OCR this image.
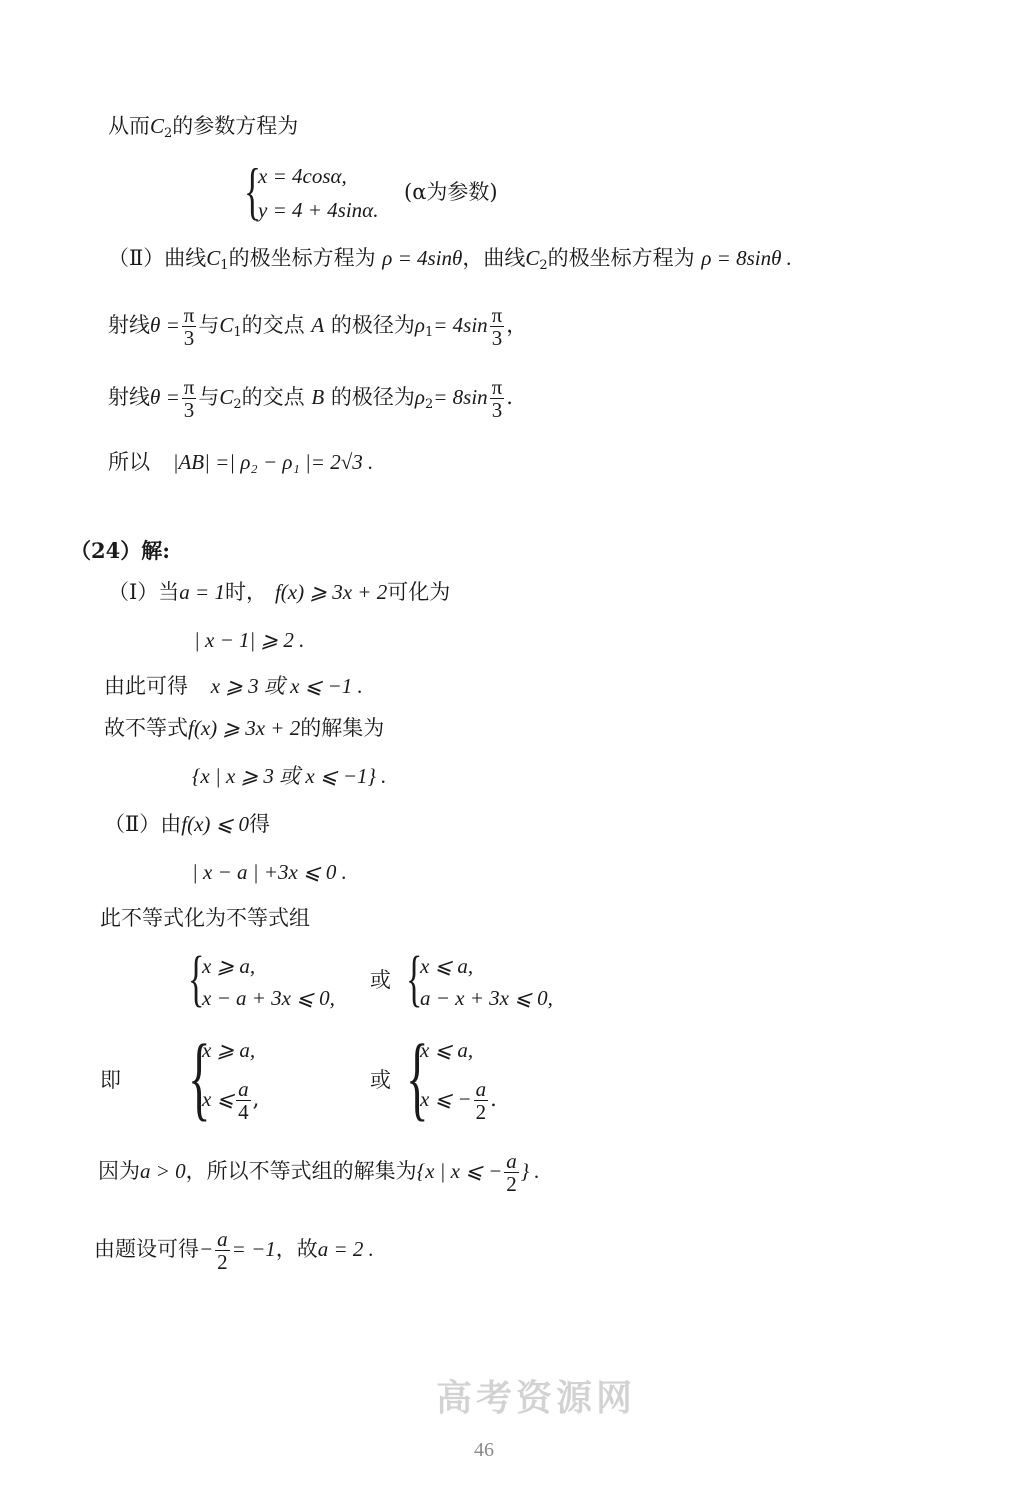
从而$C_2$的参数方程为
{
x = 4cosα,
y = 4 + 4sinα.
(α为参数)
（Ⅱ）曲线$C_1$的极坐标方程为 ρ = 4sinθ，曲线$C_2$的极坐标方程为 ρ = 8sinθ .
射线$\theta = \frac{\pi}{3}$ 与$C_1$的交点 A 的极径为$\rho_1= 4\sin \frac{\pi}{3}$ ，
射线$\theta = \frac{\pi}{3}$ 与$C_2$的交点 B 的极径为$\rho_2= 8\sin \frac{\pi}{3}$ .
所以 |AB| =| ρ₂ − ρ₁ |= 2√3 .
（24）解:
（Ⅰ）当a = 1时， f(x) ⩾ 3x + 2可化为
| x − 1| ⩾ 2 .
由此可得 x ⩾ 3 或 x ⩽ −1 .
故不等式f(x) ⩾ 3x + 2的解集为
{x | x ⩾ 3 或 x ⩽ −1} .
（Ⅱ）由f(x) ⩽ 0得
| x − a | +3x ⩽ 0 .
此不等式化为不等式组
{
x ⩾ a,
x − a + 3x ⩽ 0,
或 {
x ⩽ a,
a − x + 3x ⩽ 0,
即 {
x ⩾ a,
x ⩽ $\frac{a}{4}$ ,
或 {
x ⩽ a,
x ⩽ − $\frac{a}{2}$ .
因为a > 0，所以不等式组的解集为{x | x ⩽ − $\frac{a}{2}$ } .
由题设可得− $\frac{a}{2} = -1$，故a = 2 .
高考资源网
46
